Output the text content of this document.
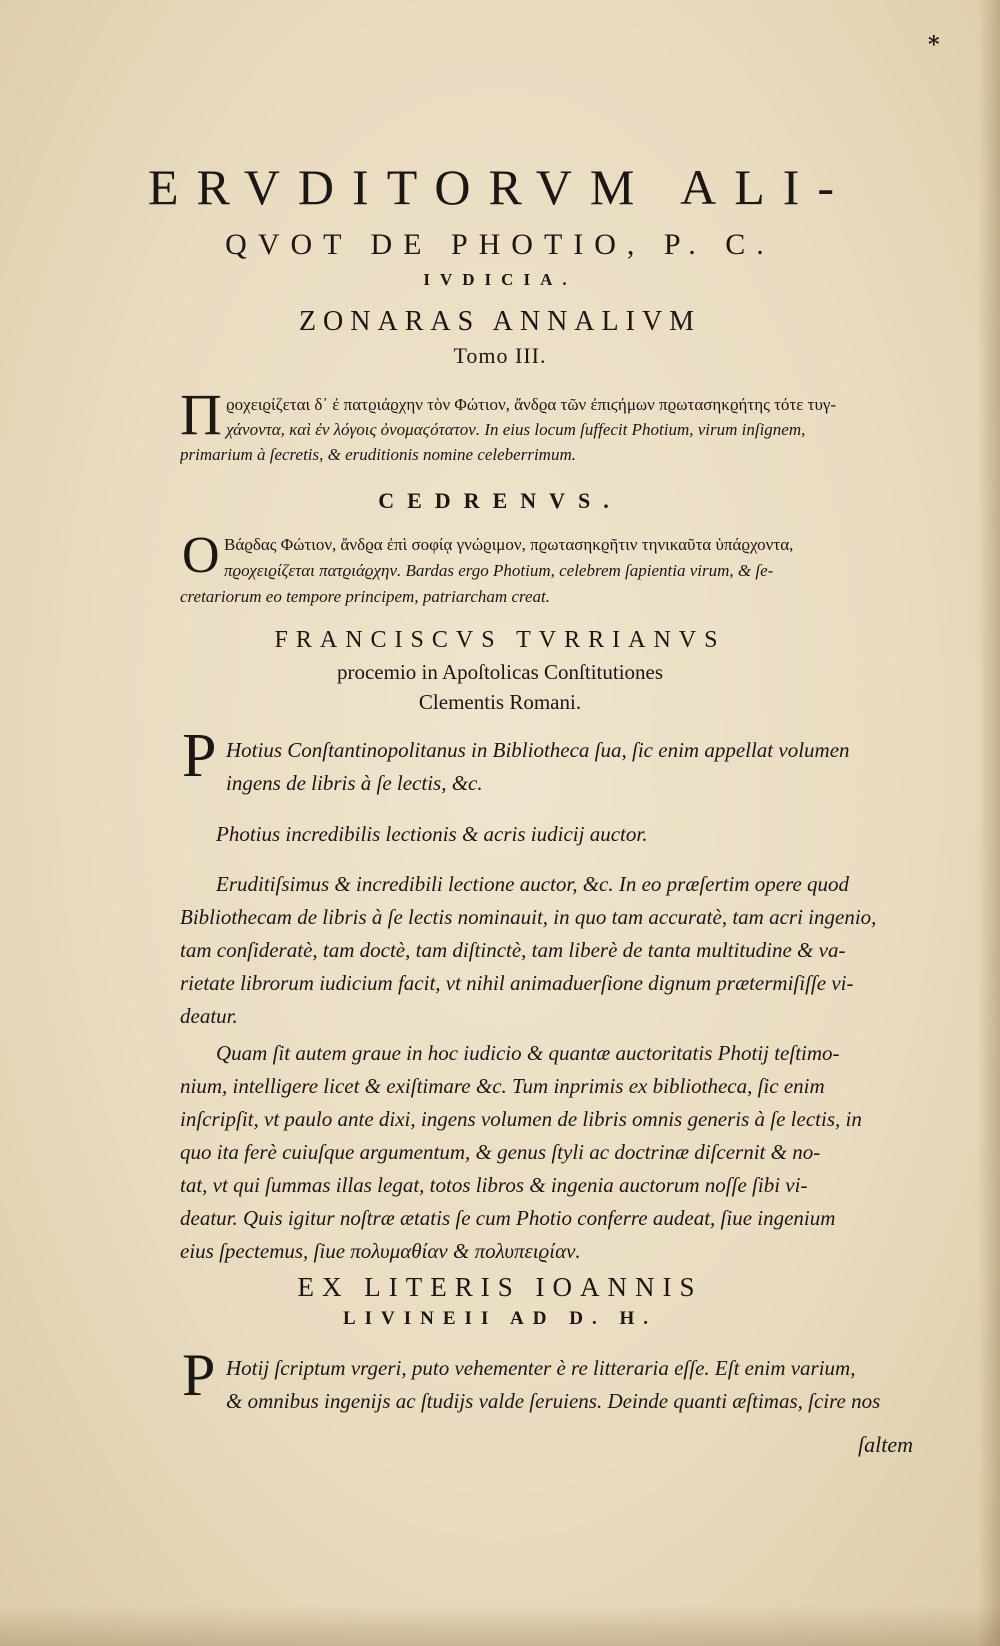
*
ERVDITORVM ALI-
QVOT DE PHOTIO, P. C.
IVDICIA.
ZONARAS ANNALIVM
Tomo III.
Π ϱοχειϱίζεται δ᾽ ἐ πατϱιάϱχην τὸν Φώτιον, ἄνδϱα τῶν ἐπιϛήμων πϱωτασηκϱήτης τότε τυγ-
χάνοντα, καὶ ἐν λόγοις ὀνομαϛότατον. In eius locum ſuffecit Photium, virum inſignem,
primarium à ſecretis, & eruditionis nomine celeberrimum.
CEDRENVS.
O Βάϱδας Φώτιον, ἄνδϱα ἐπὶ σοφίᾳ γνώϱιμον, πϱωτασηκϱῆτιν τηνικαῦτα ὑπάϱχοντα,
πϱοχειϱίζεται πατϱιάϱχην. Bardas ergo Photium, celebrem ſapientia virum, & ſe-
cretariorum eo tempore principem, patriarcham creat.
FRANCISCVS TVRRIANVS
procemio in Apoſtolicas Conſtitutiones
Clementis Romani.
P Hotius Conſtantinopolitanus in Bibliotheca ſua, ſic enim appellat volumen
ingens de libris à ſe lectis, &c.
Photius incredibilis lectionis & acris iudicij auctor.
Eruditiſsimus & incredibili lectione auctor, &c. In eo præſertim opere quod
Bibliothecam de libris à ſe lectis nominauit, in quo tam accuratè, tam acri ingenio,
tam conſideratè, tam doctè, tam diſtinctè, tam liberè de tanta multitudine & va-
rietate librorum iudicium facit, vt nihil animaduerſione dignum prætermiſiſſe vi-
deatur.
Quam ſit autem graue in hoc iudicio & quantæ auctoritatis Photij teſtimo-
nium, intelligere licet & exiſtimare &c. Tum inprimis ex bibliotheca, ſic enim
inſcripſit, vt paulo ante dixi, ingens volumen de libris omnis generis à ſe lectis, in
quo ita ferè cuiuſque argumentum, & genus ſtyli ac doctrinæ diſcernit & no-
tat, vt qui ſummas illas legat, totos libros & ingenia auctorum noſſe ſibi vi-
deatur. Quis igitur noſtræ ætatis ſe cum Photio conferre audeat, ſiue ingenium
eius ſpectemus, ſiue πολυμαθίαν & πολυπειϱίαν.
EX LITERIS IOANNIS
LIVINEII AD D. H.
P Hotij ſcriptum vrgeri, puto vehementer è re litteraria eſſe. Eſt enim varium,
& omnibus ingenijs ac ſtudijs valde ſeruiens. Deinde quanti æſtimas, ſcire nos
ſaltem
